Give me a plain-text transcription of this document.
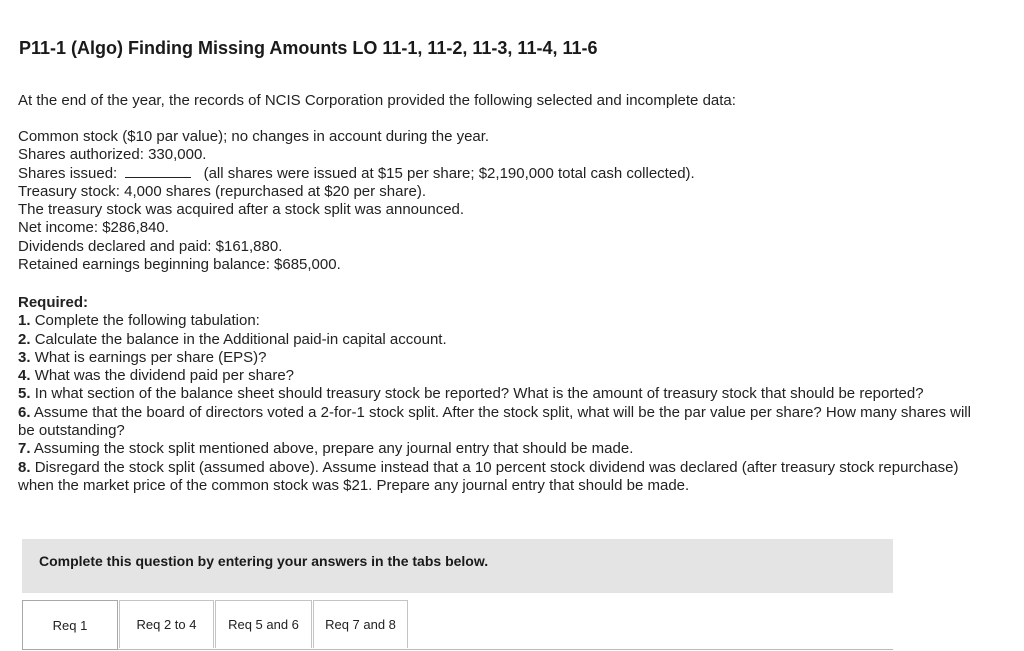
P11-1 (Algo) Finding Missing Amounts LO 11-1, 11-2, 11-3, 11-4, 11-6
At the end of the year, the records of NCIS Corporation provided the following selected and incomplete data:
Common stock ($10 par value); no changes in account during the year.
Shares authorized: 330,000.
Shares issued:	(all shares were issued at $15 per share; $2,190,000 total cash collected).
Treasury stock: 4,000 shares (repurchased at $20 per share).
The treasury stock was acquired after a stock split was announced.
Net income: $286,840.
Dividends declared and paid: $161,880.
Retained earnings beginning balance: $685,000.
Required:
1. Complete the following tabulation:
2. Calculate the balance in the Additional paid-in capital account.
3. What is earnings per share (EPS)?
4. What was the dividend paid per share?
5. In what section of the balance sheet should treasury stock be reported? What is the amount of treasury stock that should be reported?
6. Assume that the board of directors voted a 2-for-1 stock split. After the stock split, what will be the par value per share? How many shares will be outstanding?
7. Assuming the stock split mentioned above, prepare any journal entry that should be made.
8. Disregard the stock split (assumed above). Assume instead that a 10 percent stock dividend was declared (after treasury stock repurchase) when the market price of the common stock was $21. Prepare any journal entry that should be made.
Complete this question by entering your answers in the tabs below.
Req 1	Req 2 to 4	Req 5 and 6	Req 7 and 8
